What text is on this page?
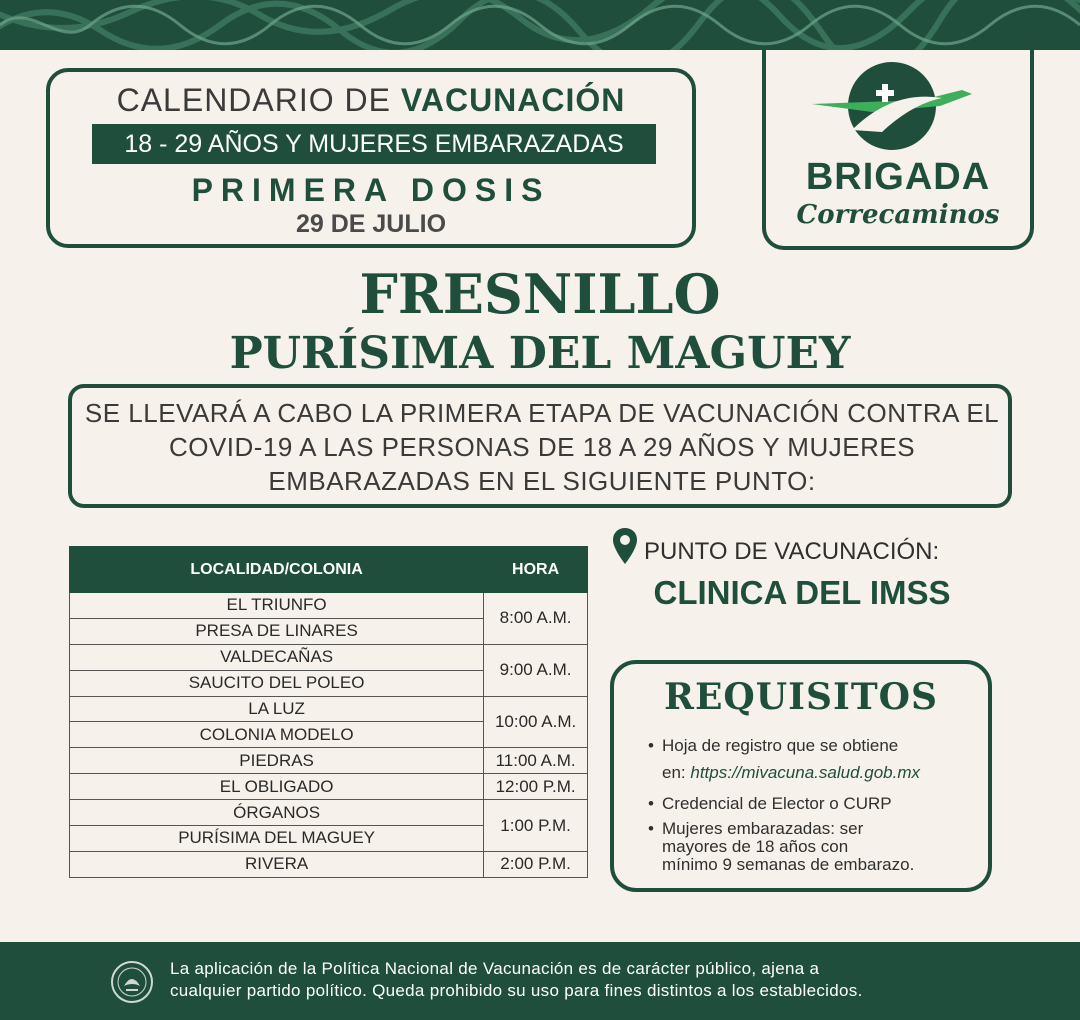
CALENDARIO DE VACUNACIÓN
18 - 29 AÑOS Y MUJERES EMBARAZADAS
PRIMERA DOSIS
29 DE JULIO
BRIGADA
Correcaminos
FRESNILLO
PURÍSIMA DEL MAGUEY
SE LLEVARÁ A CABO LA PRIMERA ETAPA DE VACUNACIÓN CONTRA EL COVID-19 A LAS PERSONAS DE 18 A 29 AÑOS Y MUJERES EMBARAZADAS EN EL SIGUIENTE PUNTO:
LOCALIDAD/COLONIA	HORA
EL TRIUNFO	8:00 A.M.
PRESA DE LINARES	
VALDECAÑAS	9:00 A.M.
SAUCITO DEL POLEO	
LA LUZ	10:00 A.M.
COLONIA MODELO	
PIEDRAS	11:00 A.M.
EL OBLIGADO	12:00 P.M.
ÓRGANOS	1:00 P.M.
PURÍSIMA DEL MAGUEY	
RIVERA	2:00 P.M.
PUNTO DE VACUNACIÓN:
CLINICA DEL IMSS
REQUISITOS
• Hoja de registro que se obtiene
en: https://mivacuna.salud.gob.mx
• Credencial de Elector o CURP
• Mujeres embarazadas: ser
mayores de 18 años con
mínimo 9 semanas de embarazo.
La aplicación de la Política Nacional de Vacunación es de carácter público, ajena a
cualquier partido político. Queda prohibido su uso para fines distintos a los establecidos.
